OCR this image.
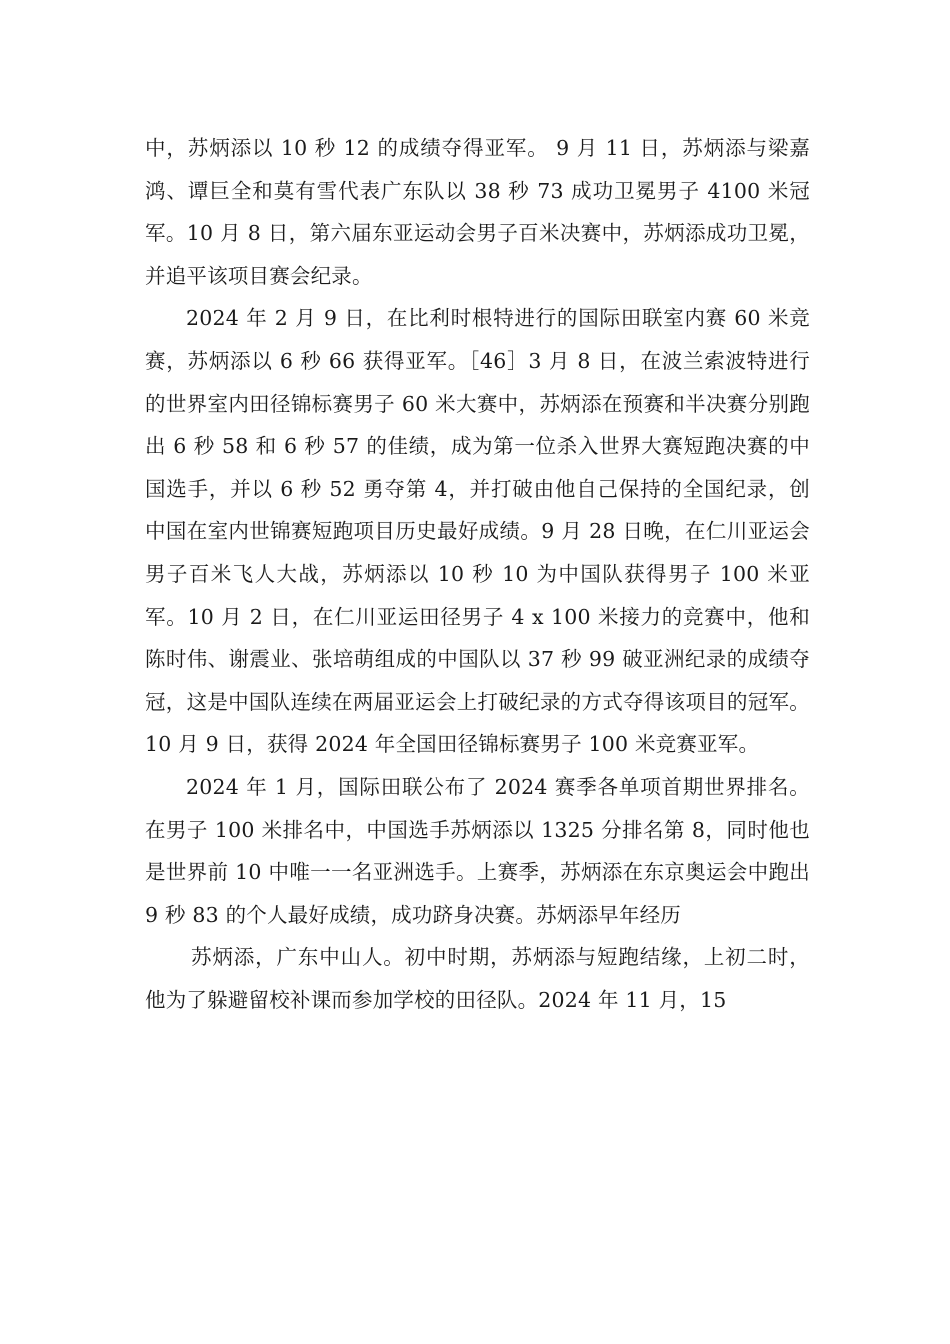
中，苏炳添以 10 秒 12 的成绩夺得亚军。 9 月 11 日，苏炳添与梁嘉鸿、谭巨全和莫有雪代表广东队以 38 秒 73 成功卫冕男子 4100 米冠军。10 月 8 日，第六届东亚运动会男子百米决赛中，苏炳添成功卫冕，并追平该项目赛会纪录。

2024 年 2 月 9 日，在比利时根特进行的国际田联室内赛 60 米竞赛，苏炳添以 6 秒 66 获得亚军。［46］3 月 8 日，在波兰索波特进行的世界室内田径锦标赛男子 60 米大赛中，苏炳添在预赛和半决赛分别跑出 6 秒 58 和 6 秒 57 的佳绩，成为第一位杀入世界大赛短跑决赛的中国选手，并以 6 秒 52 勇夺第 4，并打破由他自己保持的全国纪录，创中国在室内世锦赛短跑项目历史最好成绩。9 月 28 日晚，在仁川亚运会男子百米飞人大战，苏炳添以 10 秒 10 为中国队获得男子 100 米亚军。10 月 2 日，在仁川亚运田径男子 4 x 100 米接力的竞赛中，他和陈时伟、谢震业、张培萌组成的中国队以 37 秒 99 破亚洲纪录的成绩夺冠，这是中国队连续在两届亚运会上打破纪录的方式夺得该项目的冠军。10 月 9 日，获得 2024 年全国田径锦标赛男子 100 米竞赛亚军。

2024 年 1 月，国际田联公布了 2024 赛季各单项首期世界排名。在男子 100 米排名中，中国选手苏炳添以 1325 分排名第 8，同时他也是世界前 10 中唯一一名亚洲选手。上赛季，苏炳添在东京奥运会中跑出 9 秒 83 的个人最好成绩，成功跻身决赛。苏炳添早年经历

苏炳添，广东中山人。初中时期，苏炳添与短跑结缘，上初二时，他为了躲避留校补课而参加学校的田径队。2024 年 11 月，15
